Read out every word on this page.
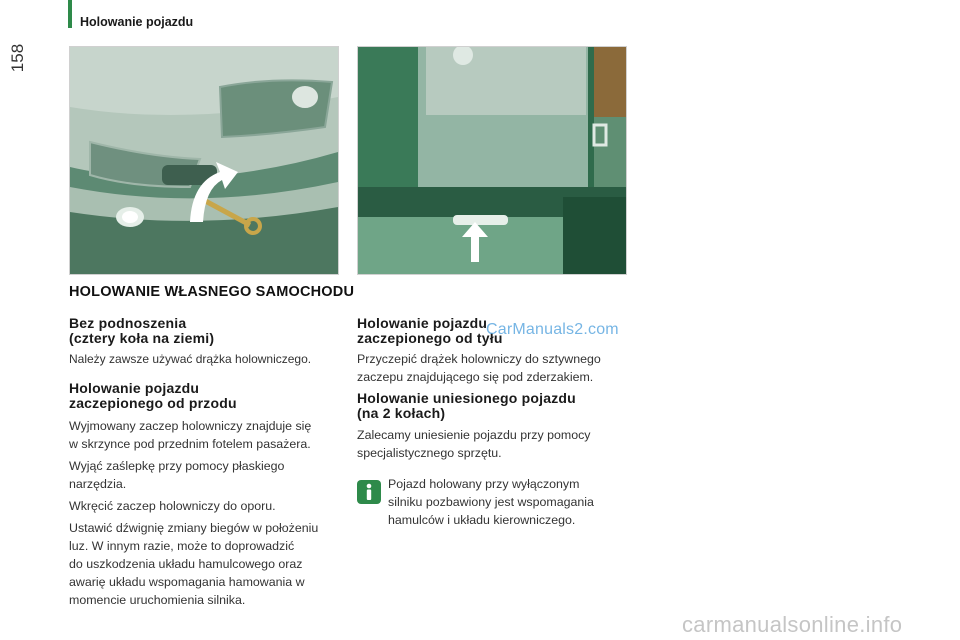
Holowanie pojazdu
158
HOLOWANIE WŁASNEGO SAMOCHODU
Bez podnoszenia
(cztery koła na ziemi)
Należy zawsze używać drążka holowniczego.
Holowanie pojazdu
zaczepionego od przodu
Wyjmowany zaczep holowniczy znajduje się
w skrzynce pod przednim fotelem pasażera.
Wyjąć zaślepkę przy pomocy płaskiego
narzędzia.
Wkręcić zaczep holowniczy do oporu.
Ustawić dźwignię zmiany biegów w położeniu
luz. W innym razie, może to doprowadzić
do uszkodzenia układu hamulcowego oraz
awarię układu wspomagania hamowania w
momencie uruchomienia silnika.
Holowanie pojazdu
zaczepionego od tyłu
Przyczepić drążek holowniczy do sztywnego
zaczepu znajdującego się pod zderzakiem.
Holowanie uniesionego pojazdu
(na 2 kołach)
Zalecamy uniesienie pojazdu przy pomocy
specjalistycznego sprzętu.
Pojazd holowany przy wyłączonym
silniku pozbawiony jest wspomagania
hamulców i układu kierowniczego.
CarManuals2.com
carmanualsonline.info
